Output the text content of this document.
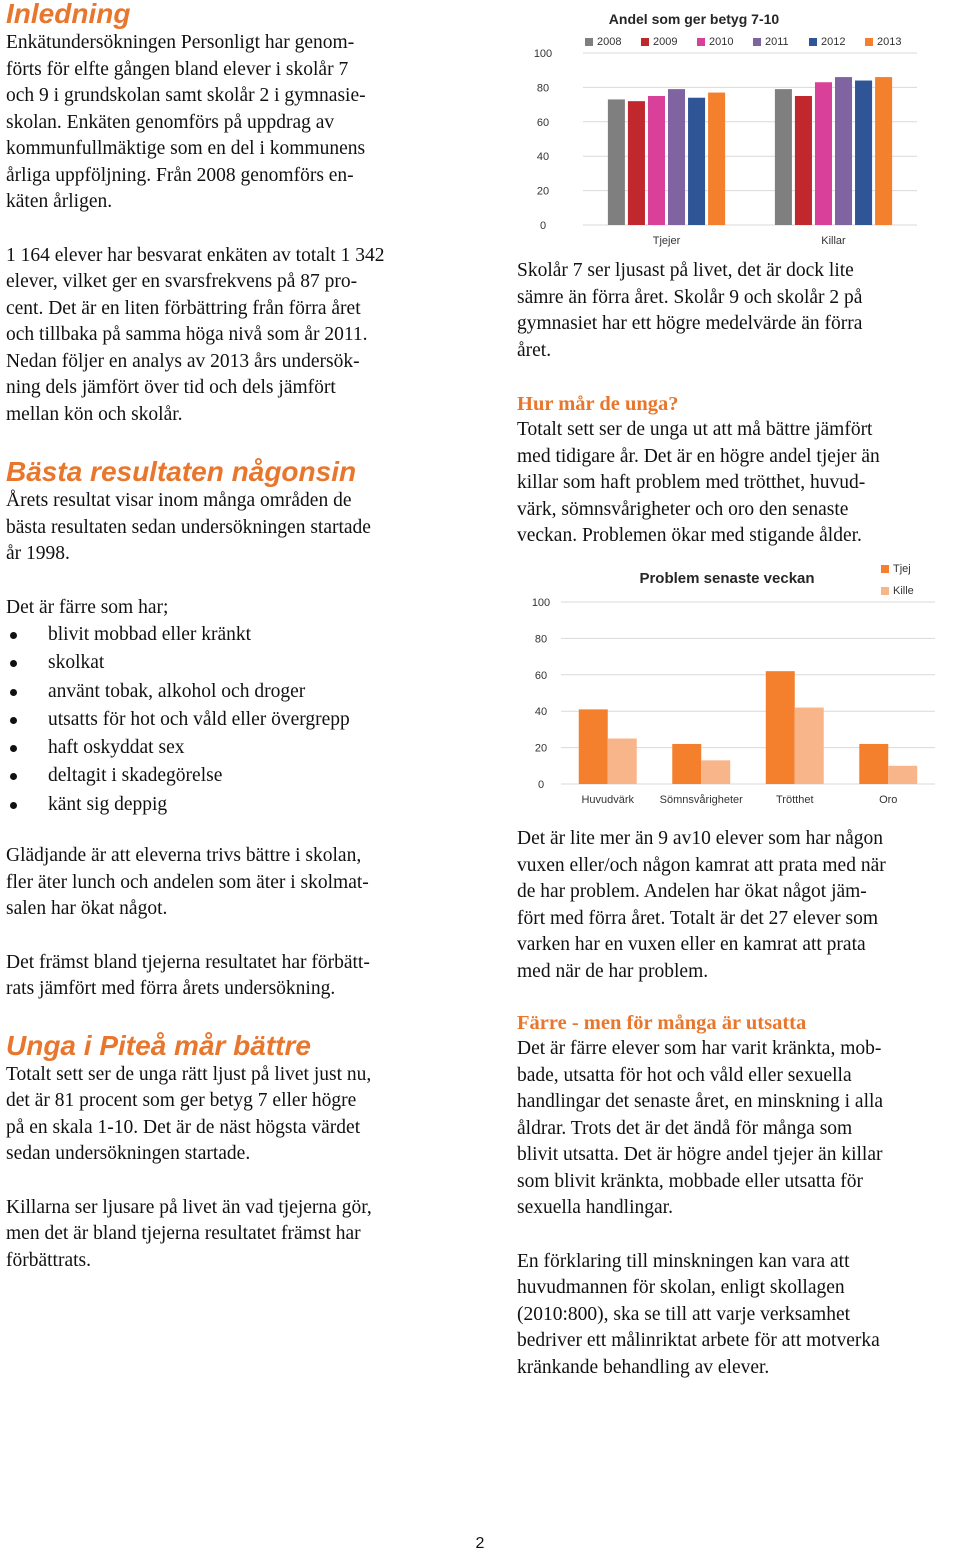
Inledning
Enkätundersökningen Personligt har genom-
förts för elfte gången bland elever i skolår 7
och 9 i grundskolan samt skolår 2 i gymnasie-
skolan. Enkäten genomförs på uppdrag av
kommunfullmäktige som en del i kommunens
årliga uppföljning. Från 2008 genomförs en-
käten årligen.
1 164 elever har besvarat enkäten av totalt 1 342
elever, vilket ger en svarsfrekvens på 87 pro-
cent. Det är en liten förbättring från förra året
och tillbaka på samma höga nivå som år 2011.
Nedan följer en analys av 2013 års undersök-
ning dels jämfört över tid och dels jämfört
mellan kön och skolår.
Bästa resultaten någonsin
Årets resultat visar inom många områden de
bästa resultaten sedan undersökningen startade
år 1998.
Det är färre som har;
blivit mobbad eller kränkt
skolkat
använt tobak, alkohol och droger
utsatts för hot och våld eller övergrepp
haft oskyddat sex
deltagit i skadegörelse
känt sig deppig
Glädjande är att eleverna trivs bättre i skolan,
fler äter lunch och andelen som äter i skolmat-
salen har ökat något.
Det främst bland tjejerna resultatet har förbätt-
rats jämfört med förra årets undersökning.
Unga i Piteå mår bättre
Totalt sett ser de unga rätt ljust på livet just nu,
det är 81 procent som ger betyg 7 eller högre
på en skala 1-10. Det är de näst högsta värdet
sedan undersökningen startade.
Killarna ser ljusare på livet än vad tjejerna gör,
men det är bland tjejerna resultatet främst har
förbättrats.
Andel som ger betyg 7-10
0
20
40
60
80
100
Tjejer	Killar
2008	2009	2010	2011	2012	2013
Skolår 7 ser ljusast på livet, det är dock lite
sämre än förra året. Skolår 9 och skolår 2 på
gymnasiet har ett högre medelvärde än förra
året.
Hur mår de unga?
Totalt sett ser de unga ut att må bättre jämfört
med tidigare år. Det är en högre andel tjejer än
killar som haft problem med trötthet, huvud-
värk, sömnsvårigheter och oro den senaste
veckan. Problemen ökar med stigande ålder.
Problem senaste veckan
0
20
40
60
80
100
Huvudvärk Sömnsvårigheter	Trötthet	Oro
Tjej
Kille
Det är lite mer än 9 av10 elever som har någon
vuxen eller/och någon kamrat att prata med när
de har problem. Andelen har ökat något jäm-
fört med förra året. Totalt är det 27 elever som
varken har en vuxen eller en kamrat att prata
med när de har problem.
Färre - men för många är utsatta
Det är färre elever som har varit kränkta, mob-
bade, utsatta för hot och våld eller sexuella
handlingar det senaste året, en minskning i alla
åldrar. Trots det är det ändå för många som
blivit utsatta. Det är högre andel tjejer än killar
som blivit kränkta, mobbade eller utsatta för
sexuella handlingar.
En förklaring till minskningen kan vara att
huvudmannen för skolan, enligt skollagen
(2010:800), ska se till att varje verksamhet
bedriver ett målinriktat arbete för att motverka
kränkande behandling av elever.
2
